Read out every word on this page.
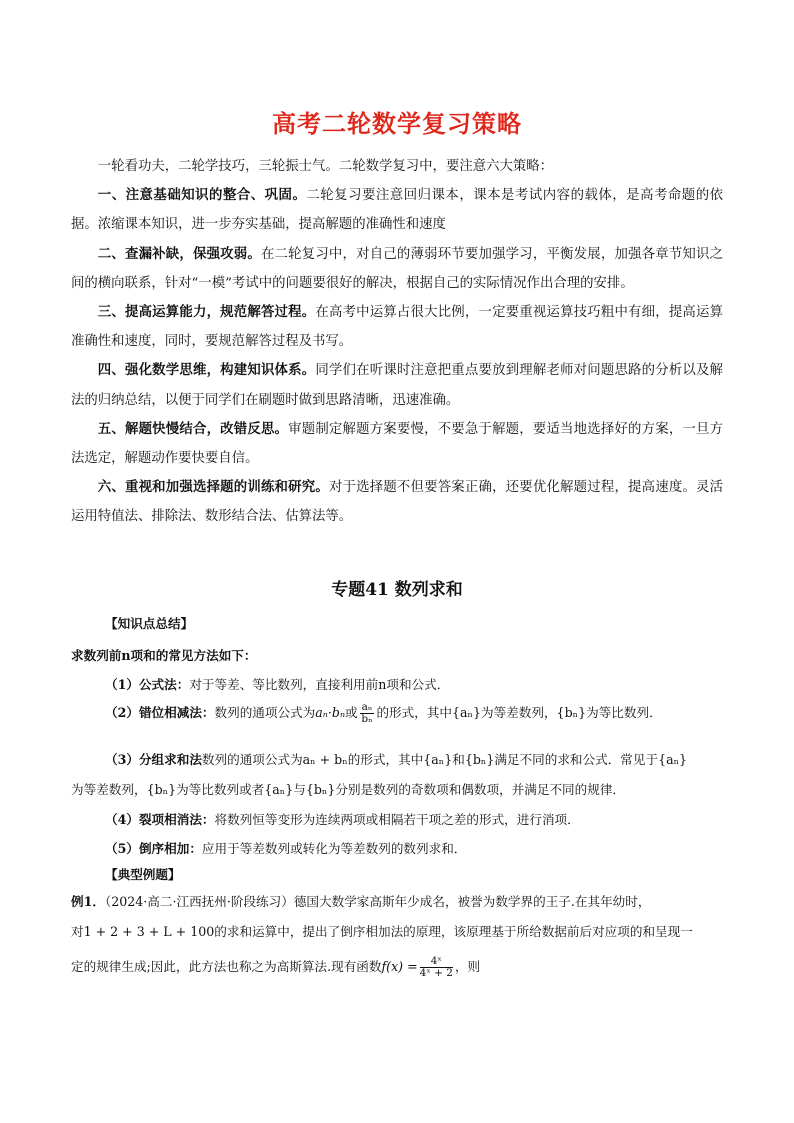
高考二轮数学复习策略

一轮看功夫，二轮学技巧，三轮振士气。二轮数学复习中，要注意六大策略：

一、注意基础知识的整合、巩固。二轮复习要注意回归课本，课本是考试内容的载体，是高考命题的依据。浓缩课本知识，进一步夯实基础，提高解题的准确性和速度

二、查漏补缺，保强攻弱。在二轮复习中，对自己的薄弱环节要加强学习，平衡发展，加强各章节知识之间的横向联系，针对“一模”考试中的问题要很好的解决，根据自己的实际情况作出合理的安排。

三、提高运算能力，规范解答过程。在高考中运算占很大比例，一定要重视运算技巧粗中有细，提高运算准确性和速度，同时，要规范解答过程及书写。

四、强化数学思维，构建知识体系。同学们在听课时注意把重点要放到理解老师对问题思路的分析以及解法的归纳总结，以便于同学们在刷题时做到思路清晰，迅速准确。

五、解题快慢结合，改错反思。审题制定解题方案要慢，不要急于解题，要适当地选择好的方案，一旦方法选定，解题动作要快要自信。

六、重视和加强选择题的训练和研究。对于选择题不但要答案正确，还要优化解题过程，提高速度。灵活运用特值法、排除法、数形结合法、估算法等。

专题41 数列求和
【知识点总结】
求数列前n项和的常见方法如下：
（1）公式法：对于等差、等比数列，直接利用前n项和公式．
（2）错位相减法：数列的通项公式为aₙ·bₙ或 $\frac{\text{aₙ}}{\text{bₙ}}$ 的形式，其中{aₙ}为等差数列，{bₙ}为等比数列．
（3）分组求和法数列的通项公式为aₙ + bₙ的形式，其中{aₙ}和{bₙ}满足不同的求和公式．常见于{aₙ}
为等差数列，{bₙ}为等比数列或者{aₙ}与{bₙ}分别是数列的奇数项和偶数项，并满足不同的规律．
（4）裂项相消法：将数列恒等变形为连续两项或相隔若干项之差的形式，进行消项．
（5）倒序相加：应用于等差数列或转化为等差数列的数列求和．
【典型例题】
例1．（2024·高二·江西抚州·阶段练习）德国大数学家高斯年少成名，被誉为数学界的王子.在其年幼时，
对1 + 2 + 3 + L + 100的求和运算中，提出了倒序相加法的原理，该原理基于所给数据前后对应项的和呈现一
定的规律生成;因此，此方法也称之为高斯算法.现有函数$f(x) = \frac{\text{4ˣ}}{\text{4ˣ + 2}}$ ，则
